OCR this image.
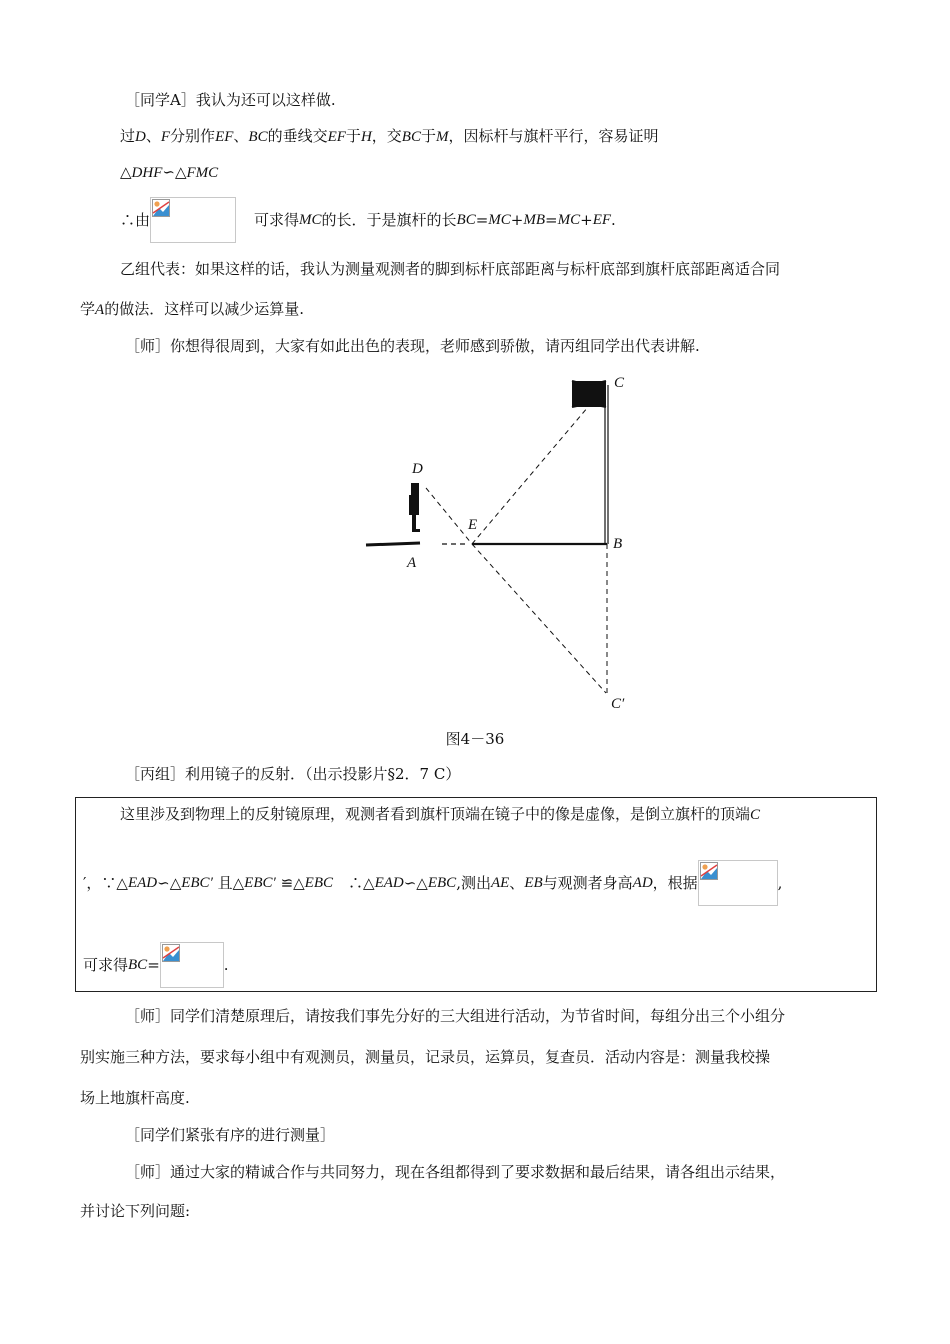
［同学A］我认为还可以这样做.
过D、F分别作EF、BC的垂线交EF于H，交BC于M，因标杆与旗杆平行，容易证明
△DHF∽△FMC
∴由	可求得MC的长．于是旗杆的长BC=MC+MB=MC+EF.
乙组代表：如果这样的话，我认为测量观测者的脚到标杆底部距离与标杆底部到旗杆底部距离适合同
学A的做法．这样可以减少运算量.
［师］你想得很周到，大家有如此出色的表现，老师感到骄傲，请丙组同学出代表讲解.
C
D
E
B
A
C′
图4－36
［丙组］利用镜子的反射．（出示投影片§2．7 C）
这里涉及到物理上的反射镜原理，观测者看到旗杆顶端在镜子中的像是虚像，是倒立旗杆的顶端C
′，∵△EAD∽△EBC′ 且△EBC′ ≌△EBC　∴△EAD∽△EBC,测出AE、EB与观测者身高AD，根据	,
可求得BC=	.
［师］同学们清楚原理后，请按我们事先分好的三大组进行活动，为节省时间，每组分出三个小组分
别实施三种方法，要求每小组中有观测员，测量员，记录员，运算员，复查员．活动内容是：测量我校操
场上地旗杆高度.
［同学们紧张有序的进行测量］
［师］通过大家的精诚合作与共同努力，现在各组都得到了要求数据和最后结果，请各组出示结果，
并讨论下列问题:
